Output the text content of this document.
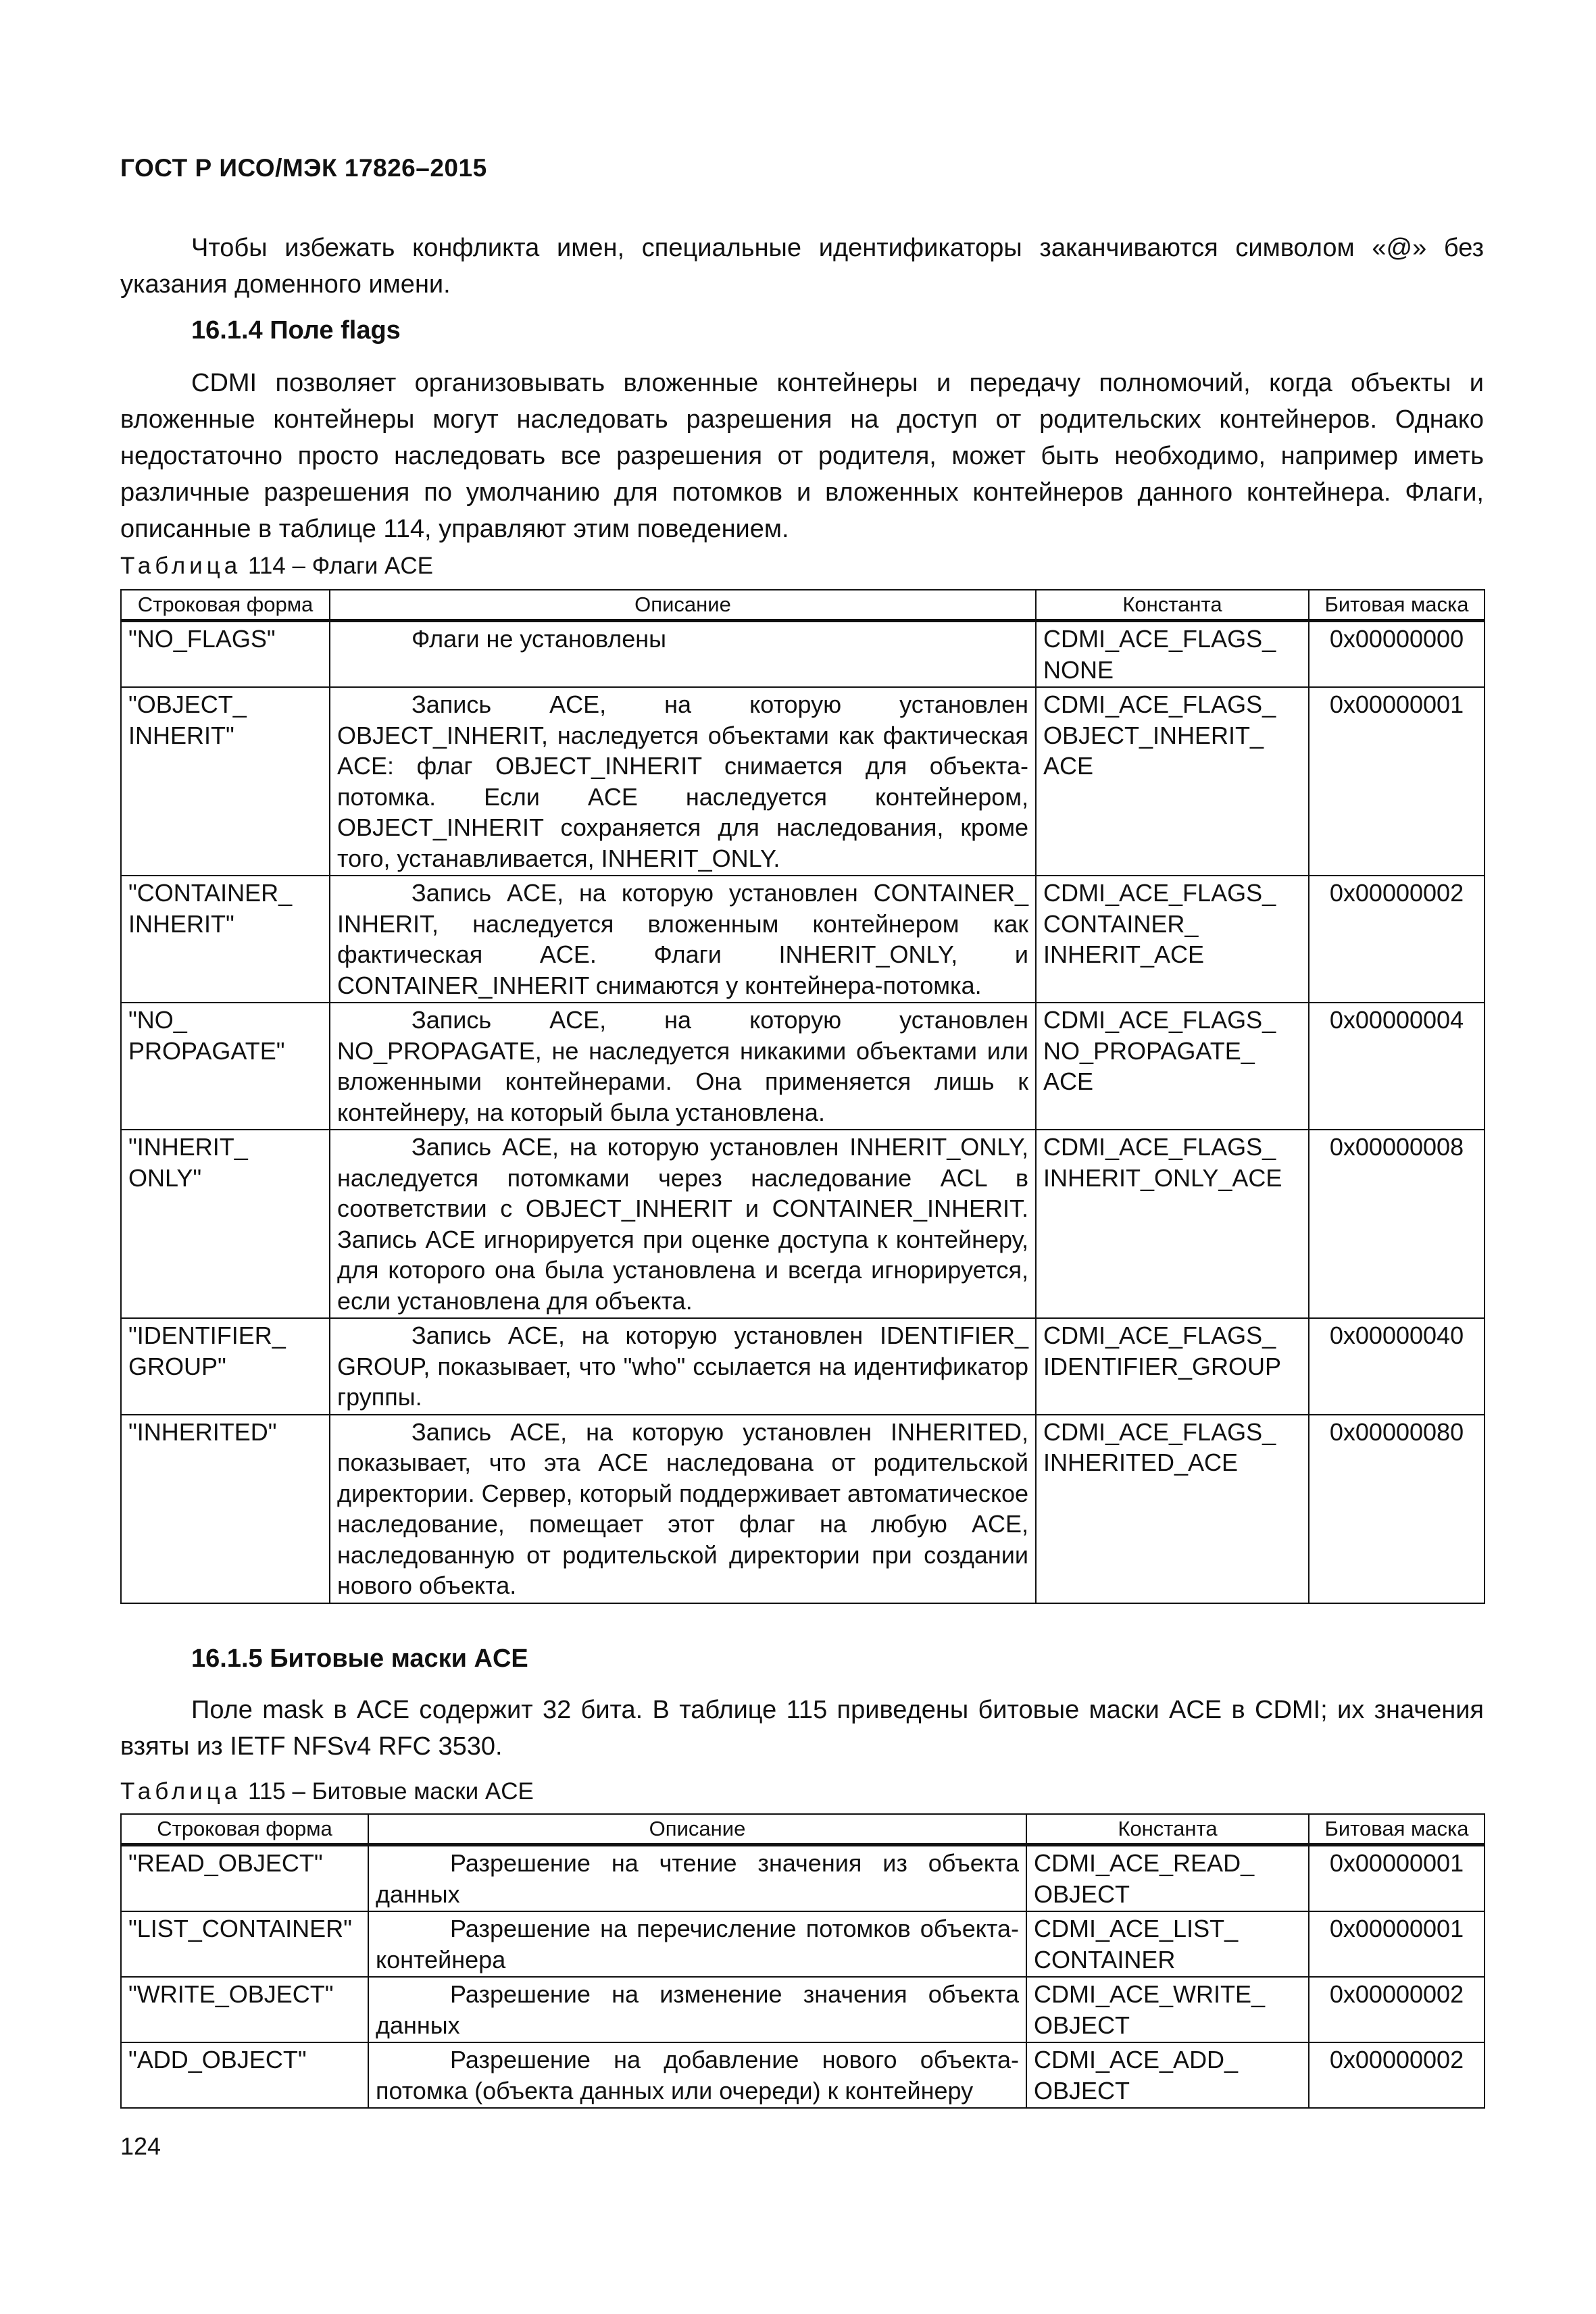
ГОСТ Р ИСО/МЭК 17826–2015

Чтобы избежать конфликта имен, специальные идентификаторы заканчиваются символом «@» без указания доменного имени.

16.1.4 Поле flags

CDMI позволяет организовывать вложенные контейнеры и передачу полномочий, когда объекты и вложенные контейнеры могут наследовать разрешения на доступ от родительских контейнеров. Однако недостаточно просто наследовать все разрешения от родителя, может быть необходимо, например иметь различные разрешения по умолчанию для потомков и вложенных контейнеров данного контейнера. Флаги, описанные в таблице 114, управляют этим поведением.

Таблица 114 – Флаги ACE
Строковая форма	Описание	Константа	Битовая маска
"NO_FLAGS"	Флаги не установлены	CDMI_ACE_FLAGS_ NONE	0x00000000
"OBJECT_ INHERIT"	Запись ACE, на которую установлен OBJECT_INHERIT, наследуется объектами как фактическая ACE: флаг OBJECT_INHERIT снимается для объекта-потомка. Если ACE наследуется контейнером, OBJECT_INHERIT сохраняется для наследования, кроме того, устанавливается, INHERIT_ONLY.	CDMI_ACE_FLAGS_ OBJECT_INHERIT_ ACE	0x00000001
"CONTAINER_ INHERIT"	Запись ACE, на которую установлен CONTAINER_ INHERIT, наследуется вложенным контейнером как фактическая ACE. Флаги INHERIT_ONLY, и CONTAINER_INHERIT снимаются у контейнера-потомка.	CDMI_ACE_FLAGS_ CONTAINER_ INHERIT_ACE	0x00000002
"NO_ PROPAGATE"	Запись ACE, на которую установлен NO_PROPAGATE, не наследуется никакими объектами или вложенными контейнерами. Она применяется лишь к контейнеру, на который была установлена.	CDMI_ACE_FLAGS_ NO_PROPAGATE_ ACE	0x00000004
"INHERIT_ ONLY"	Запись ACE, на которую установлен INHERIT_ONLY, наследуется потомками через наследование ACL в соответствии с OBJECT_INHERIT и CONTAINER_INHERIT. Запись ACE игнорируется при оценке доступа к контейнеру, для которого она была установлена и всегда игнорируется, если установлена для объекта.	CDMI_ACE_FLAGS_ INHERIT_ONLY_ACE	0x00000008
"IDENTIFIER_ GROUP"	Запись ACE, на которую установлен IDENTIFIER_ GROUP, показывает, что "who" ссылается на идентификатор группы.	CDMI_ACE_FLAGS_ IDENTIFIER_GROUP	0x00000040
"INHERITED"	Запись ACE, на которую установлен INHERITED, показывает, что эта ACE наследована от родительской директории. Сервер, который поддерживает автоматическое наследование, помещает этот флаг на любую ACE, наследованную от родительской директории при создании нового объекта.	CDMI_ACE_FLAGS_ INHERITED_ACE	0x00000080
16.1.5 Битовые маски ACE

Поле mask в ACE содержит 32 бита. В таблице 115 приведены битовые маски ACE в CDMI; их значения взяты из IETF NFSv4 RFC 3530.

Таблица 115 – Битовые маски ACE
Строковая форма	Описание	Константа	Битовая маска
"READ_OBJECT"	Разрешение на чтение значения из объекта данных	CDMI_ACE_READ_ OBJECT	0x00000001
"LIST_CONTAINER"	Разрешение на перечисление потомков объекта-контейнера	CDMI_ACE_LIST_ CONTAINER	0x00000001
"WRITE_OBJECT"	Разрешение на изменение значения объекта данных	CDMI_ACE_WRITE_ OBJECT	0x00000002
"ADD_OBJECT"	Разрешение на добавление нового объекта-потомка (объекта данных или очереди) к контейнеру	CDMI_ACE_ADD_ OBJECT	0x00000002
124
